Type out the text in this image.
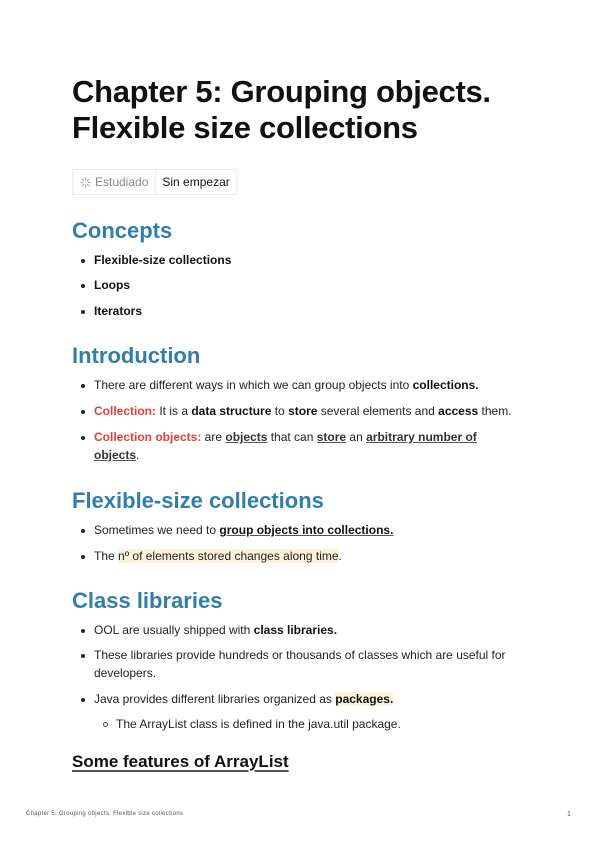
Chapter 5: Grouping objects.
Flexible size collections
Estudiado	Sin empezar
Concepts
Flexible-size collections
Loops
Iterators
Introduction
There are different ways in which we can group objects into collections.
Collection: It is a data structure to store several elements and access them.
Collection objects: are objects that can store an arbitrary number of objects.
Flexible-size collections
Sometimes we need to group objects into collections.
The nº of elements stored changes along time.
Class libraries
OOL are usually shipped with class libraries.
These libraries provide hundreds or thousands of classes which are useful for developers.
Java provides different libraries organized as packages.
The ArrayList class is defined in the java.util package.
Some features of ArrayList
Chapter 5: Grouping objects. Flexible size collections	1
